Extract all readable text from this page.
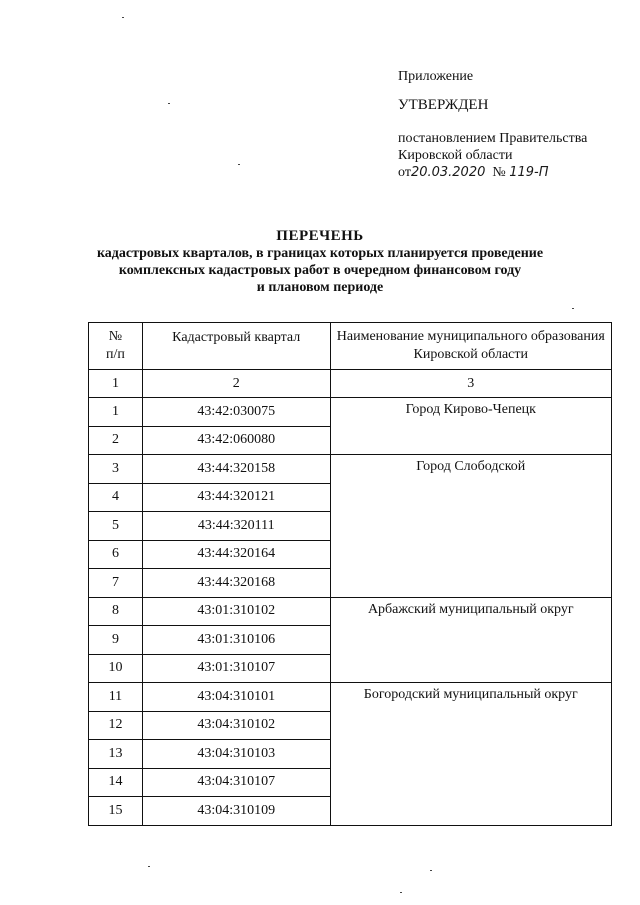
Приложение

УТВЕРЖДЕН

постановлением Правительства

Кировской области

от20.03.2020 № 119-П

ПЕРЕЧЕНЬ
кадастровых кварталов, в границах которых планируется проведение
комплексных кадастровых работ в очередном финансовом году
и плановом периоде
№
п/п	Кадастровый квартал	Наименование муниципального образования Кировской области
1	2	3
1	43:42:030075	Город Кирово-Чепецк
2	43:42:060080	
3	43:44:320158	Город Слободской
4	43:44:320121	
5	43:44:320111	
6	43:44:320164	
7	43:44:320168	
8	43:01:310102	Арбажский муниципальный округ
9	43:01:310106	
10	43:01:310107	
11	43:04:310101	Богородский муниципальный округ
12	43:04:310102	
13	43:04:310103	
14	43:04:310107	
15	43:04:310109	
